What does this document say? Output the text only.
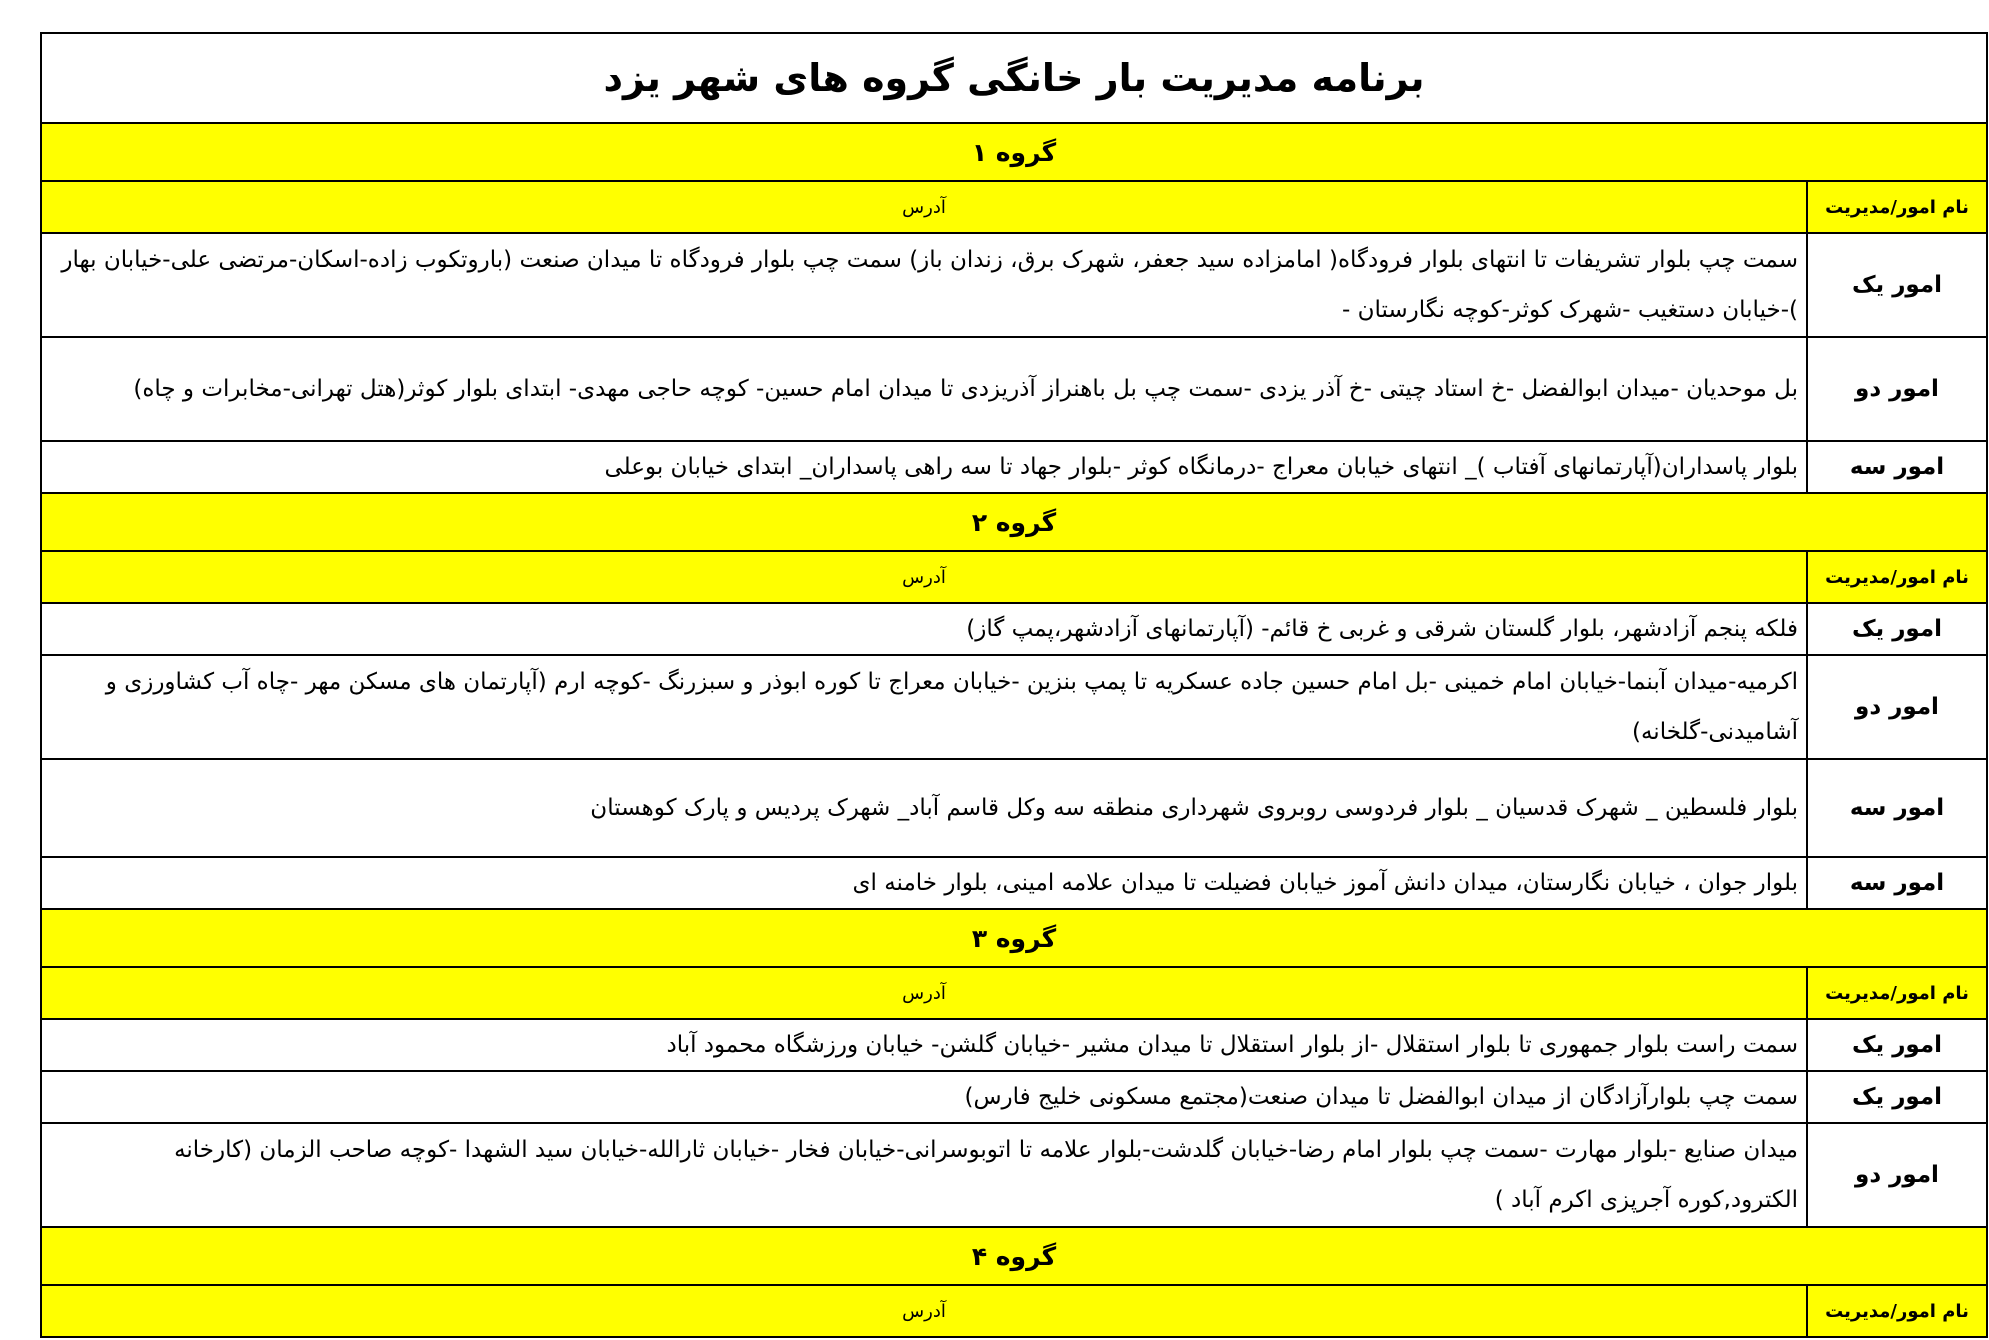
برنامه مدیریت بار خانگی گروه های شهر یزد	
گروه ۱	
نام امور/مدیریت	آدرس
امور یک	سمت چپ بلوار تشریفات تا انتهای بلوار فرودگاه( امامزاده سید جعفر، شهرک برق، زندان باز) سمت چپ بلوار فرودگاه تا میدان صنعت (باروتکوب زاده-اسکان-مرتضی علی-خیابان بهار )-خیابان دستغیب -شهرک کوثر-کوچه نگارستان -
امور دو	بل موحدیان -میدان ابوالفضل -خ استاد چیتی -خ آذر یزدی -سمت چپ بل باهنراز آذریزدی تا میدان امام حسین- کوچه حاجی مهدی- ابتدای بلوار کوثر(هتل تهرانی-مخابرات و چاه)
امور سه	بلوار پاسداران(آپارتمانهای آفتاب )_ انتهای خیابان معراج -درمانگاه کوثر -بلوار جهاد تا سه راهی پاسداران_ ابتدای خیابان بوعلی
گروه ۲	
نام امور/مدیریت	آدرس
امور یک	فلکه پنجم آزادشهر، بلوار گلستان شرقی و غربی خ قائم- (آپارتمانهای آزادشهر،پمپ گاز)
امور دو	اکرمیه-میدان آبنما-خیابان امام خمینی -بل امام حسین جاده عسکریه تا پمپ بنزین -خیابان معراج تا کوره ابوذر و سبزرنگ -کوچه ارم (آپارتمان های مسکن مهر -چاه آب کشاورزی و آشامیدنی-گلخانه)
امور سه	بلوار فلسطین _ شهرک قدسیان _ بلوار فردوسی روبروی شهرداری منطقه سه وکل قاسم آباد_ شهرک پردیس و پارک کوهستان
امور سه	بلوار جوان ، خیابان نگارستان، میدان دانش آموز خیابان فضیلت تا میدان علامه امینی، بلوار خامنه ای
گروه ۳	
نام امور/مدیریت	آدرس
امور یک	سمت راست بلوار جمهوری تا بلوار استقلال -از بلوار استقلال تا میدان مشیر -خیابان گلشن- خیابان ورزشگاه محمود آباد
امور یک	سمت چپ بلوارآزادگان از میدان ابوالفضل تا میدان صنعت(مجتمع مسکونی خلیج فارس)
امور دو	میدان صنایع -بلوار مهارت -سمت چپ بلوار امام رضا-خیابان گلدشت-بلوار علامه تا اتوبوسرانی-خیابان فخار -خیابان ثارالله-خیابان سید الشهدا -کوچه صاحب الزمان (کارخانه الکترود,کوره آجرپزی اکرم آباد )
گروه ۴	
نام امور/مدیریت	آدرس
